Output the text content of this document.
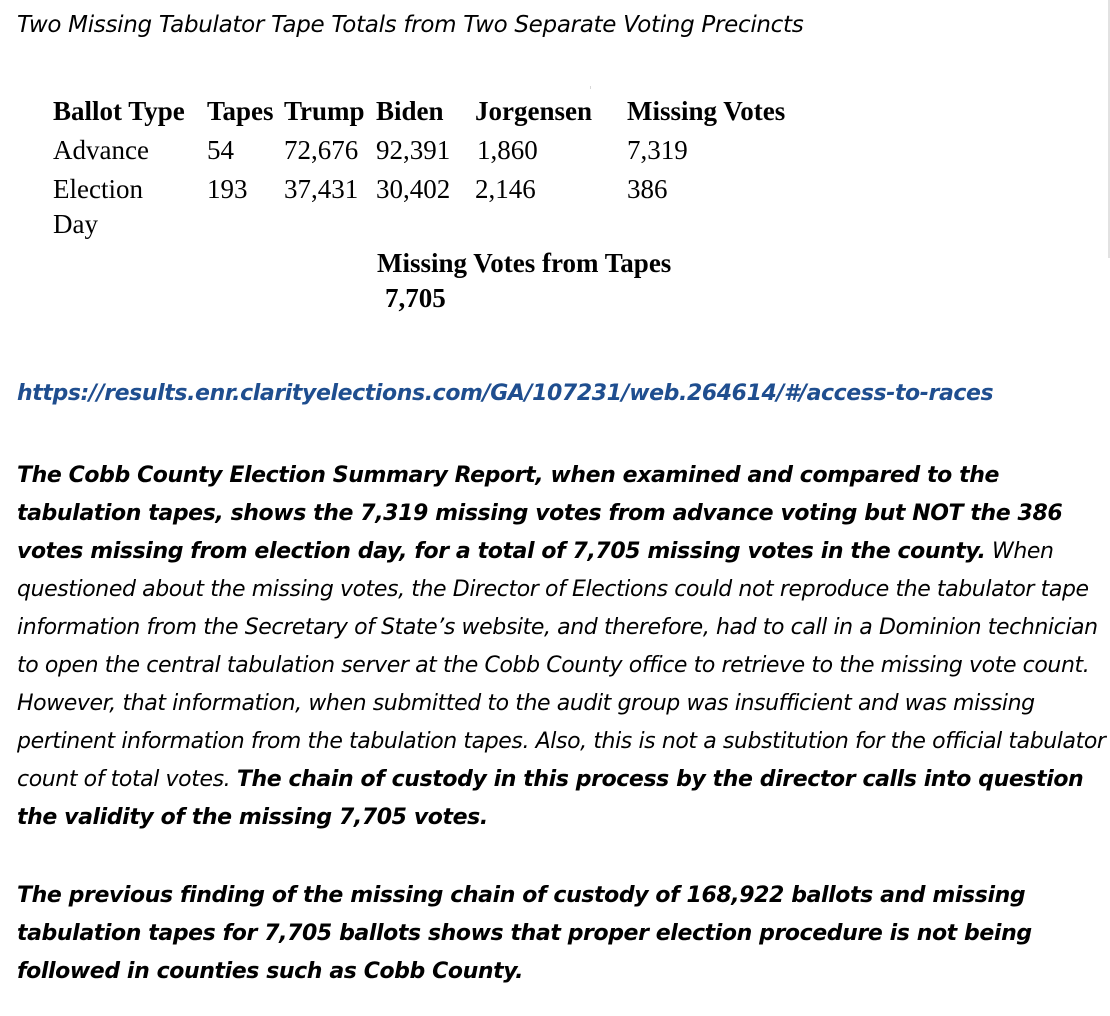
Two Missing Tabulator Tape Totals from Two Separate Voting Precincts
Ballot Type Tapes Trump Biden Jorgensen Missing Votes
Advance 54 72,676 92,391 1,860	7,319
Election
Day
193 37,431 30,402 2,146	386
Missing Votes from Tapes
7,705
https://results.enr.clarityelections.com/GA/107231/web.264614/#/access-to-races
The Cobb County Election Summary Report, when examined and compared to the tabulation tapes, shows the 7,319 missing votes from advance voting but NOT the 386 votes missing from election day, for a total of 7,705 missing votes in the county. When questioned about the missing votes, the Director of Elections could not reproduce the tabulator tape information from the Secretary of State’s website, and therefore, had to call in a Dominion technician to open the central tabulation server at the Cobb County office to retrieve to the missing vote count. However, that information, when submitted to the audit group was insufficient and was missing pertinent information from the tabulation tapes. Also, this is not a substitution for the official tabulator count of total votes. The chain of custody in this process by the director calls into question the validity of the missing 7,705 votes.
The previous finding of the missing chain of custody of 168,922 ballots and missing tabulation tapes for 7,705 ballots shows that proper election procedure is not being followed in counties such as Cobb County.
